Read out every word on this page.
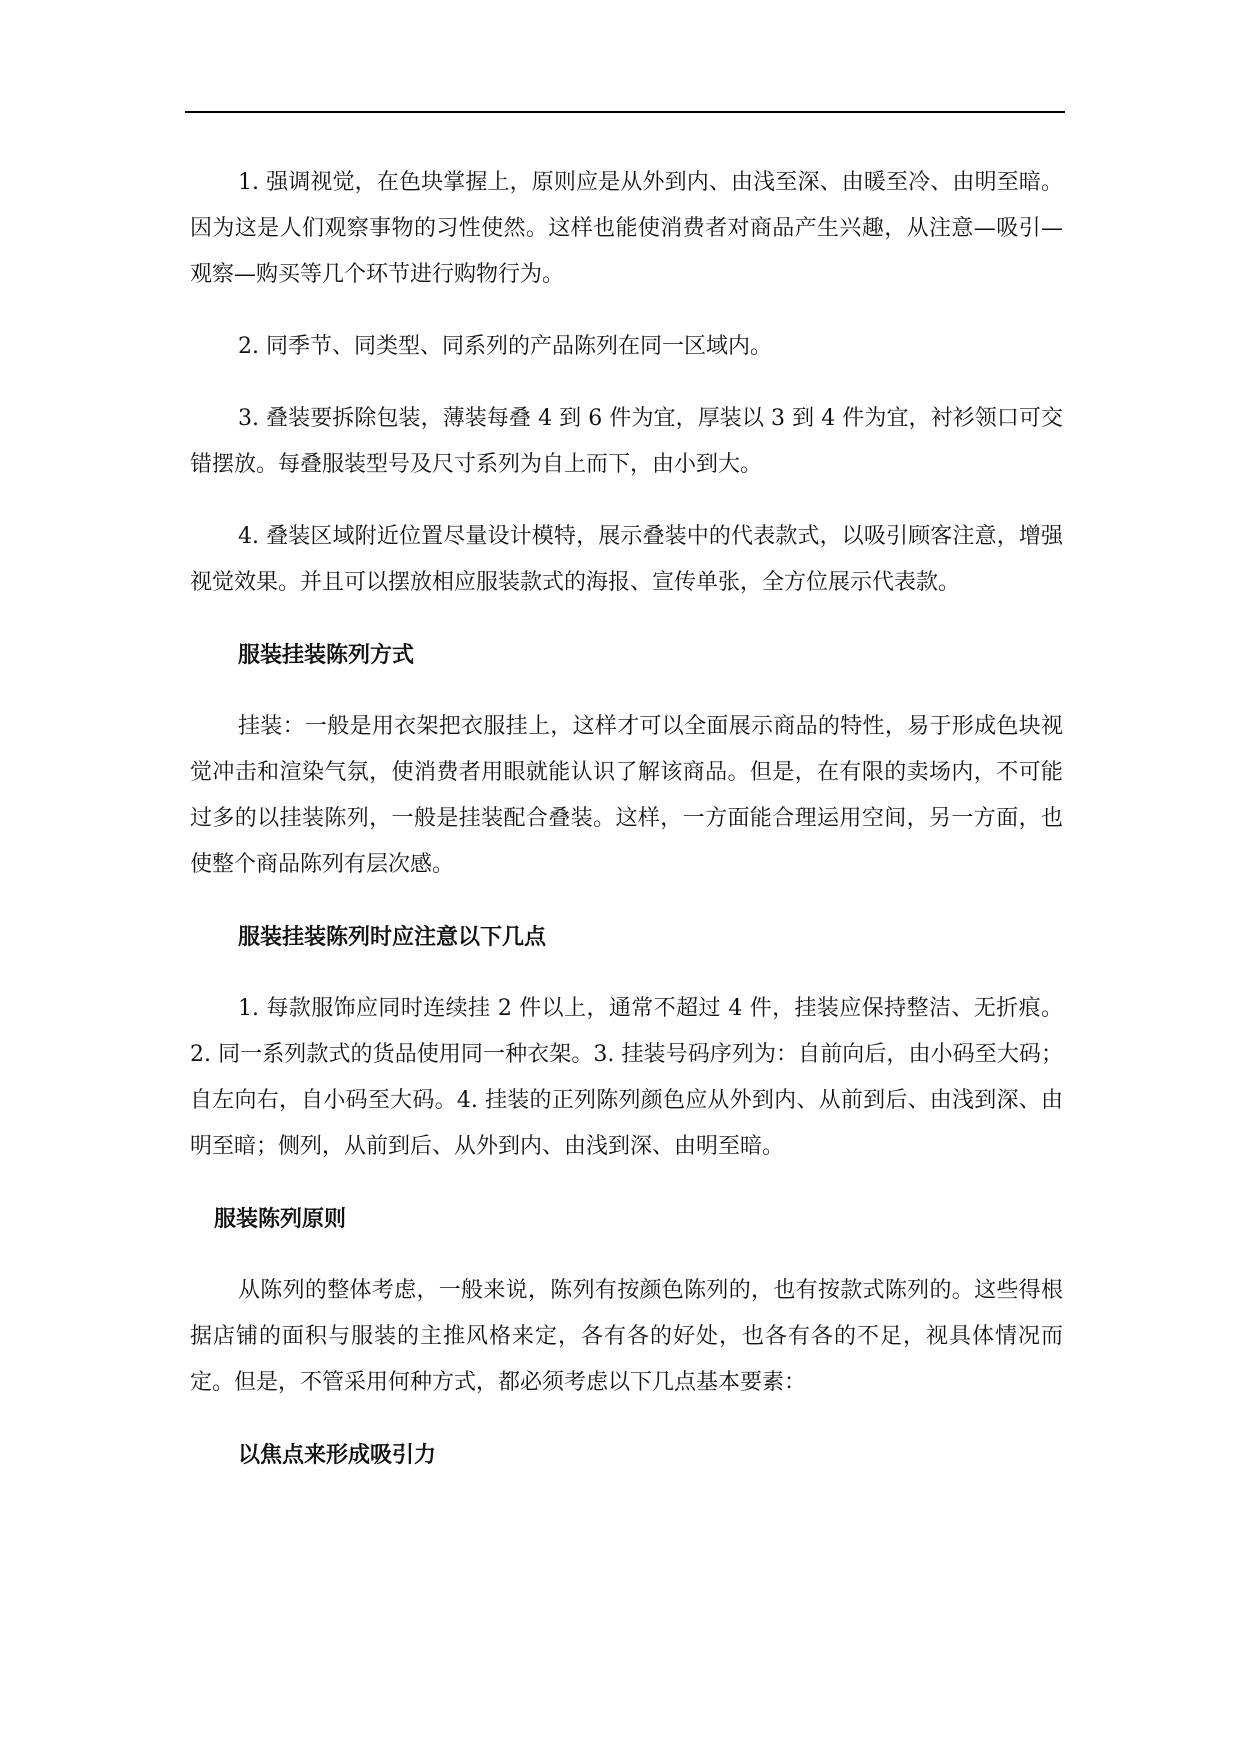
1. 强调视觉，在色块掌握上，原则应是从外到内、由浅至深、由暖至冷、由明至暗。因为这是人们观察事物的习性使然。这样也能使消费者对商品产生兴趣，从注意—吸引—观察—购买等几个环节进行购物行为。

2. 同季节、同类型、同系列的产品陈列在同一区域内。

3. 叠装要拆除包装，薄装每叠 4 到 6 件为宜，厚装以 3 到 4 件为宜，衬衫领口可交错摆放。每叠服装型号及尺寸系列为自上而下，由小到大。

4. 叠装区域附近位置尽量设计模特，展示叠装中的代表款式，以吸引顾客注意，增强视觉效果。并且可以摆放相应服装款式的海报、宣传单张，全方位展示代表款。

服装挂装陈列方式

挂装：一般是用衣架把衣服挂上，这样才可以全面展示商品的特性，易于形成色块视觉冲击和渲染气氛，使消费者用眼就能认识了解该商品。但是，在有限的卖场内，不可能过多的以挂装陈列，一般是挂装配合叠装。这样，一方面能合理运用空间，另一方面，也使整个商品陈列有层次感。

服装挂装陈列时应注意以下几点

1. 每款服饰应同时连续挂 2 件以上，通常不超过 4 件，挂装应保持整洁、无折痕。2. 同一系列款式的货品使用同一种衣架。3. 挂装号码序列为：自前向后，由小码至大码；自左向右，自小码至大码。4. 挂装的正列陈列颜色应从外到内、从前到后、由浅到深、由明至暗；侧列，从前到后、从外到内、由浅到深、由明至暗。

服装陈列原则

从陈列的整体考虑，一般来说，陈列有按颜色陈列的，也有按款式陈列的。这些得根据店铺的面积与服装的主推风格来定，各有各的好处，也各有各的不足，视具体情况而定。但是，不管采用何种方式，都必须考虑以下几点基本要素：

以焦点来形成吸引力
